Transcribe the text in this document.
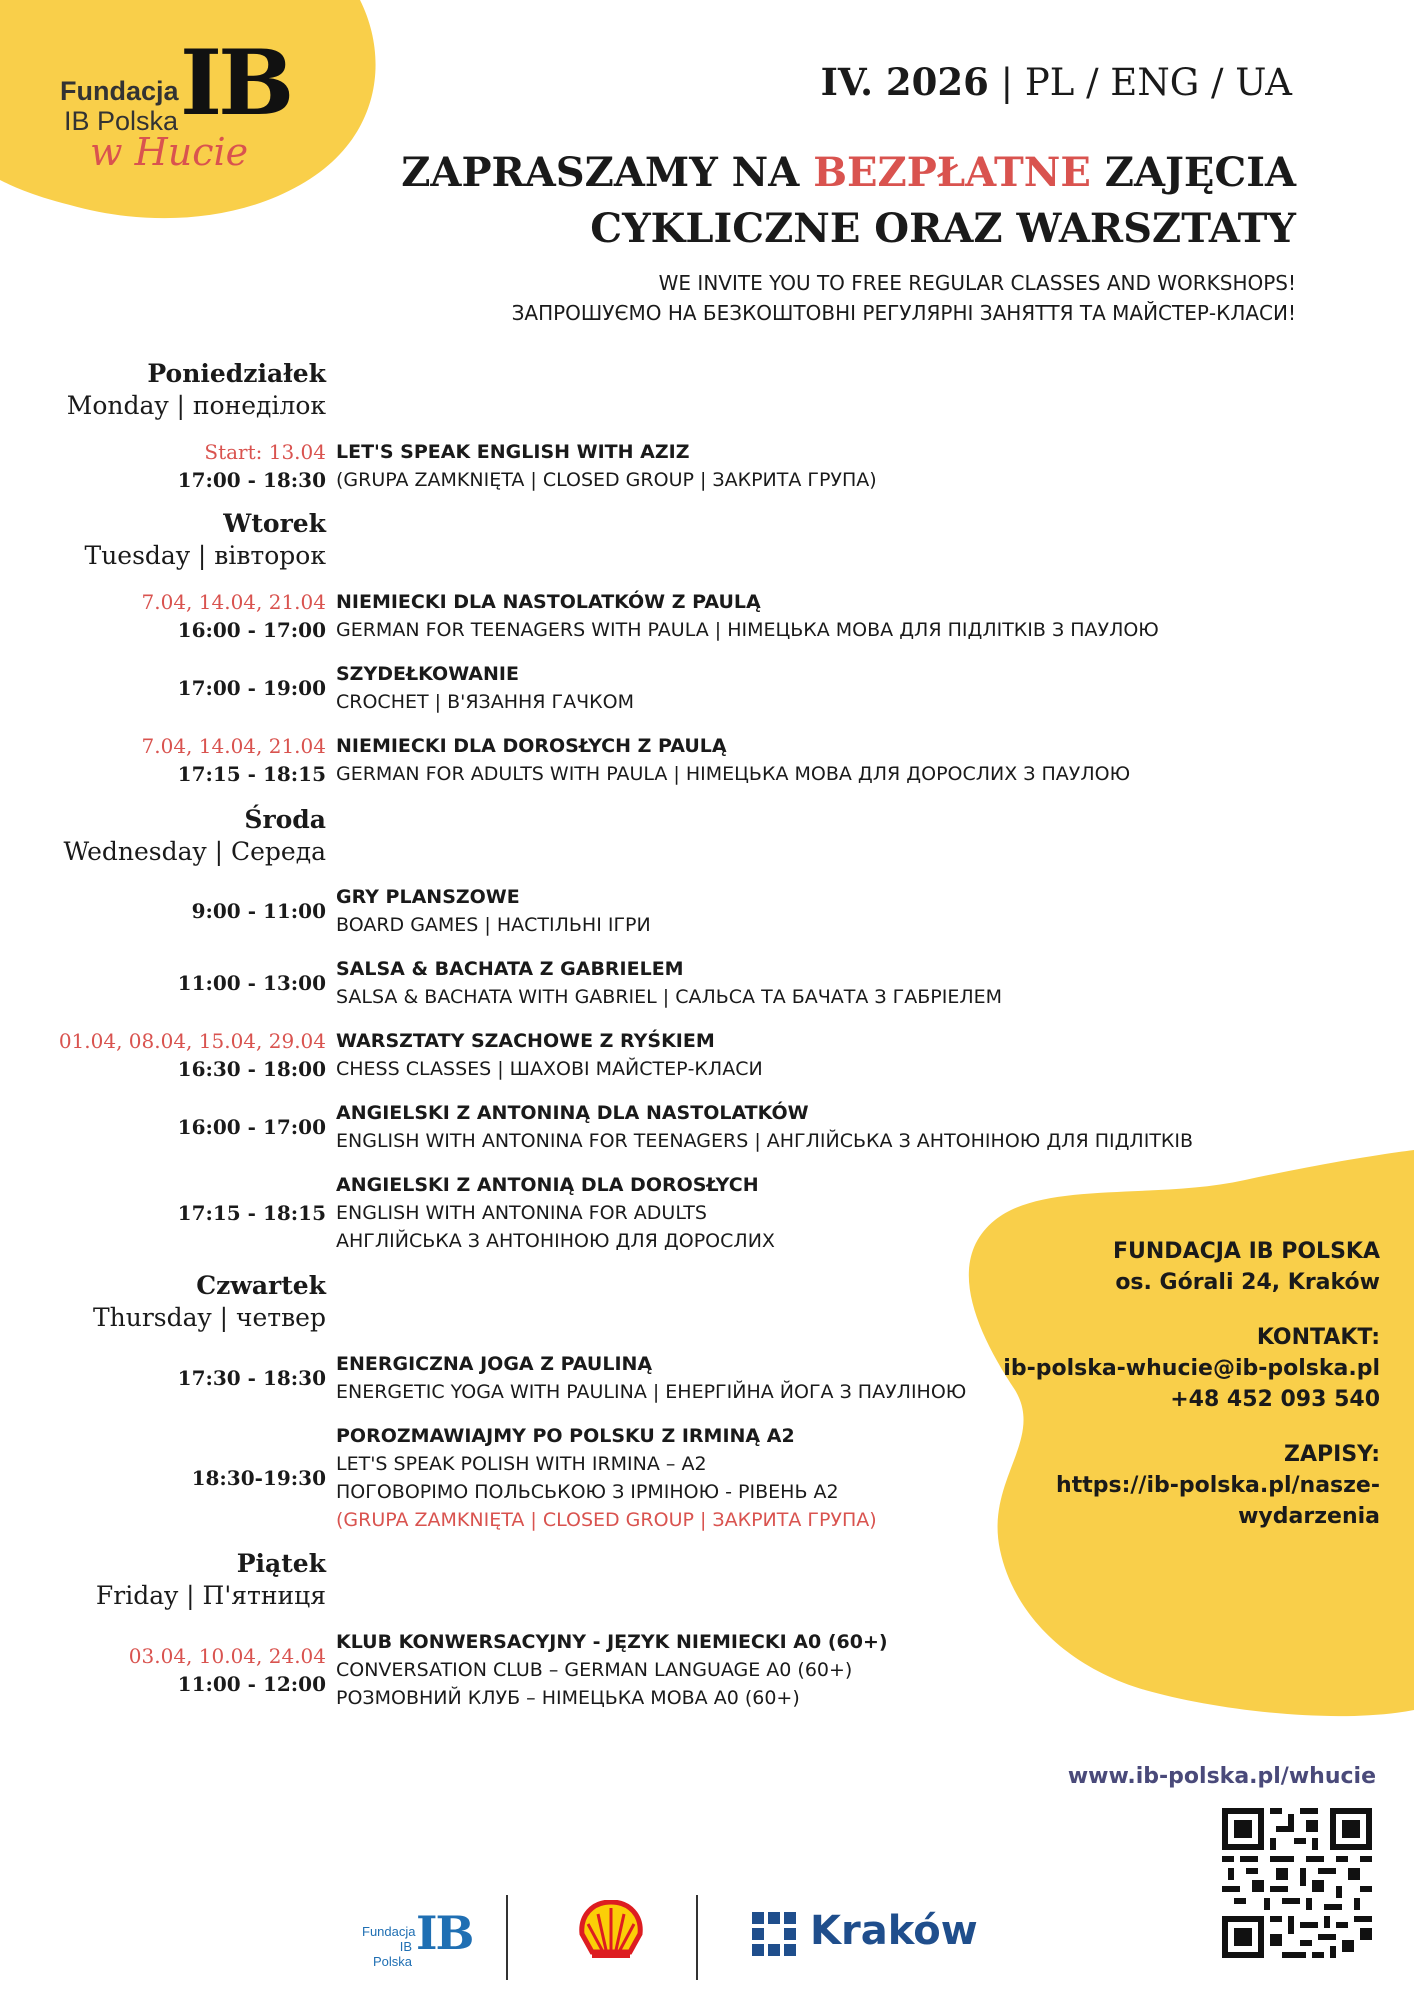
Fundacja
IB Polska IB
w Hucie
IV. 2026 | PL / ENG / UA
ZAPRASZAMY NA BEZPŁATNE ZAJĘCIA
CYKLICZNE ORAZ WARSZTATY
WE INVITE YOU TO FREE REGULAR CLASSES AND WORKSHOPS!
ЗАПРОШУЄМО НА БЕЗКОШТОВНІ РЕГУЛЯРНІ ЗАНЯТТЯ ТА МАЙСТЕР-КЛАСИ!
Poniedziałek
Monday | понеділок
Wtorek
Tuesday | вівторок
Środa
Wednesday | Середа
Czwartek
Thursday | четвер
Piątek
Friday | П'ятниця
Start: 13.04
17:00 - 18:30
LET'S SPEAK ENGLISH WITH AZIZ
(GRUPA ZAMKNIĘTA | CLOSED GROUP | ЗАКРИТА ГРУПА)
7.04, 14.04, 21.04
16:00 - 17:00
NIEMIECKI DLA NASTOLATKÓW Z PAULĄ
GERMAN FOR TEENAGERS WITH PAULA | НІМЕЦЬКА МОВА ДЛЯ ПІДЛІТКІВ З ПАУЛОЮ
17:00 - 19:00
SZYDEŁKOWANIE
CROCHET | В'ЯЗАННЯ ГАЧКОМ
7.04, 14.04, 21.04
17:15 - 18:15
NIEMIECKI DLA DOROSŁYCH Z PAULĄ
GERMAN FOR ADULTS WITH PAULA | НІМЕЦЬКА МОВА ДЛЯ ДОРОСЛИХ З ПАУЛОЮ
9:00 - 11:00
GRY PLANSZOWE
BOARD GAMES | НАСТІЛЬНІ ІГРИ
11:00 - 13:00
SALSA & BACHATA Z GABRIELEM
SALSA & BACHATA WITH GABRIEL | САЛЬСА ТА БАЧАТА З ГАБРІЕЛЕМ
01.04, 08.04, 15.04, 29.04
16:30 - 18:00
WARSZTATY SZACHOWE Z RYŚKIEM
CHESS CLASSES | ШАХОВІ МАЙСТЕР-КЛАСИ
16:00 - 17:00
ANGIELSKI Z ANTONINĄ DLA NASTOLATKÓW
ENGLISH WITH ANTONINA FOR TEENAGERS | АНГЛІЙСЬКА З АНТОНІНОЮ ДЛЯ ПІДЛІТКІВ
17:15 - 18:15
ANGIELSKI Z ANTONIĄ DLA DOROSŁYCH
ENGLISH WITH ANTONINA FOR ADULTS
АНГЛІЙСЬКА З АНТОНІНОЮ ДЛЯ ДОРОСЛИХ
17:30 - 18:30
ENERGICZNA JOGA Z PAULINĄ
ENERGETIC YOGA WITH PAULINA | ЕНЕРГІЙНА ЙОГА З ПАУЛІНОЮ
18:30-19:30
POROZMAWIAJMY PO POLSKU Z IRMINĄ A2
LET'S SPEAK POLISH WITH IRMINA – A2
ПОГОВОРІМО ПОЛЬСЬКОЮ З ІРМІНОЮ - РІВЕНЬ А2
(GRUPA ZAMKNIĘTA | CLOSED GROUP | ЗАКРИТА ГРУПА)
03.04, 10.04, 24.04
11:00 - 12:00
KLUB KONWERSACYJNY - JĘZYK NIEMIECKI A0 (60+)
CONVERSATION CLUB – GERMAN LANGUAGE A0 (60+)
РОЗМОВНИЙ КЛУБ – НІМЕЦЬКА МОВА А0 (60+)
FUNDACJA IB POLSKA
os. Górali 24, Kraków
KONTAKT:
ib-polska-whucie@ib-polska.pl
+48 452 093 540
ZAPISY:
https://ib-polska.pl/nasze-
wydarzenia
www.ib-polska.pl/whucie
Fundacja
IB Polska
IB	Kraków
